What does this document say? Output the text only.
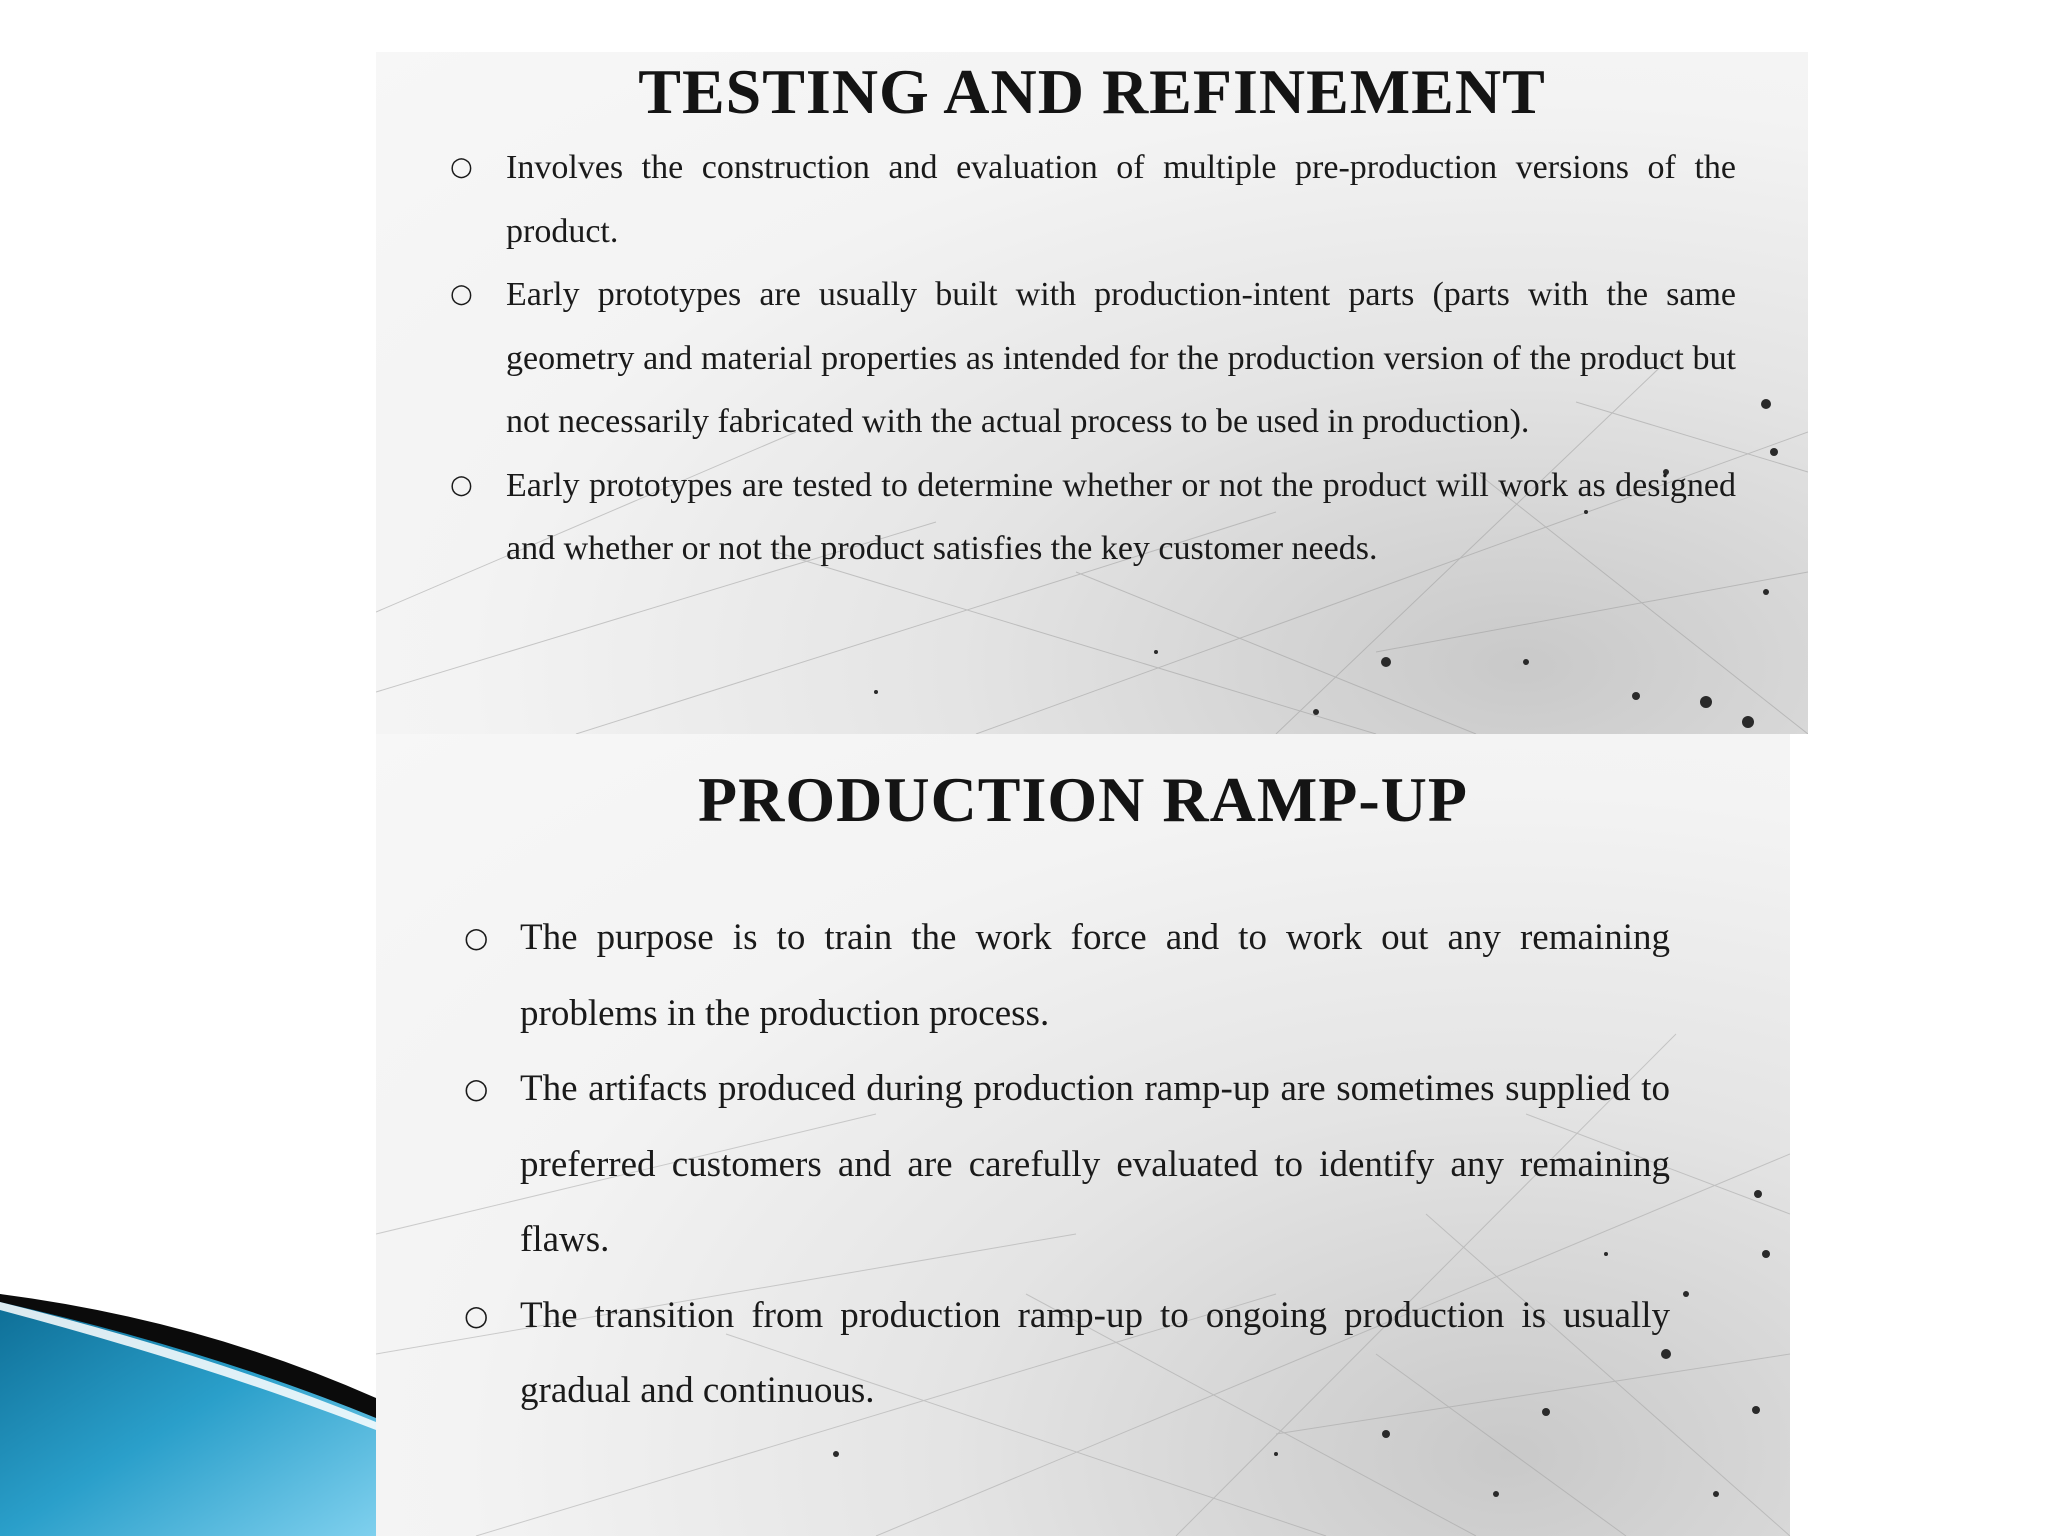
TESTING AND REFINEMENT
○ Involves the construction and evaluation of multiple pre-production versions of the product.
○ Early prototypes are usually built with production-intent parts (parts with the same geometry and material properties as intended for the production version of the product but not necessarily fabricated with the actual process to be used in production).
○ Early prototypes are tested to determine whether or not the product will work as designed and whether or not the product satisfies the key customer needs.
PRODUCTION RAMP-UP
○ The purpose is to train the work force and to work out any remaining problems in the production process.
○ The artifacts produced during production ramp-up are sometimes supplied to preferred customers and are carefully evaluated to identify any remaining flaws.
○ The transition from production ramp-up to ongoing production is usually gradual and continuous.
